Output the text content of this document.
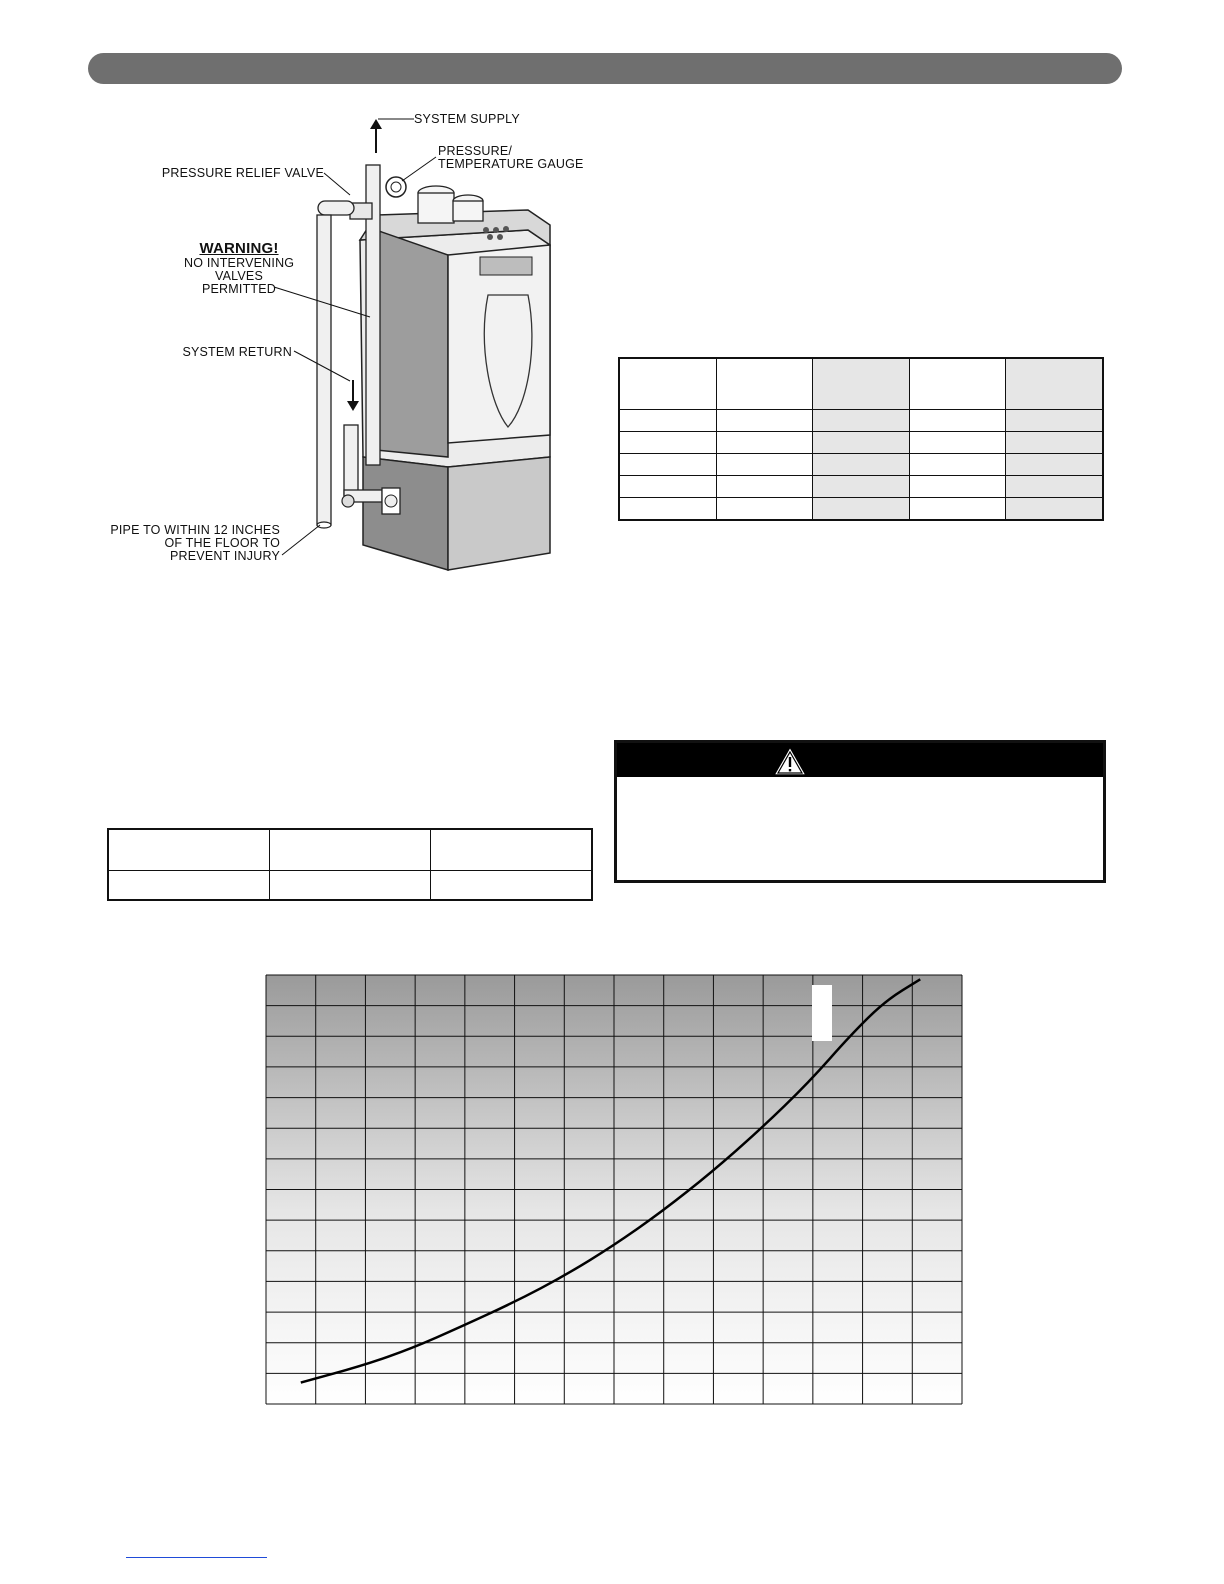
SYSTEM SUPPLY
PRESSURE/
TEMPERATURE GAUGE
PRESSURE RELIEF VALVE
WARNING!
NO INTERVENING
VALVES
PERMITTED
SYSTEM RETURN
PIPE TO WITHIN 12 INCHES
OF THE FLOOR TO
PREVENT INJURY
